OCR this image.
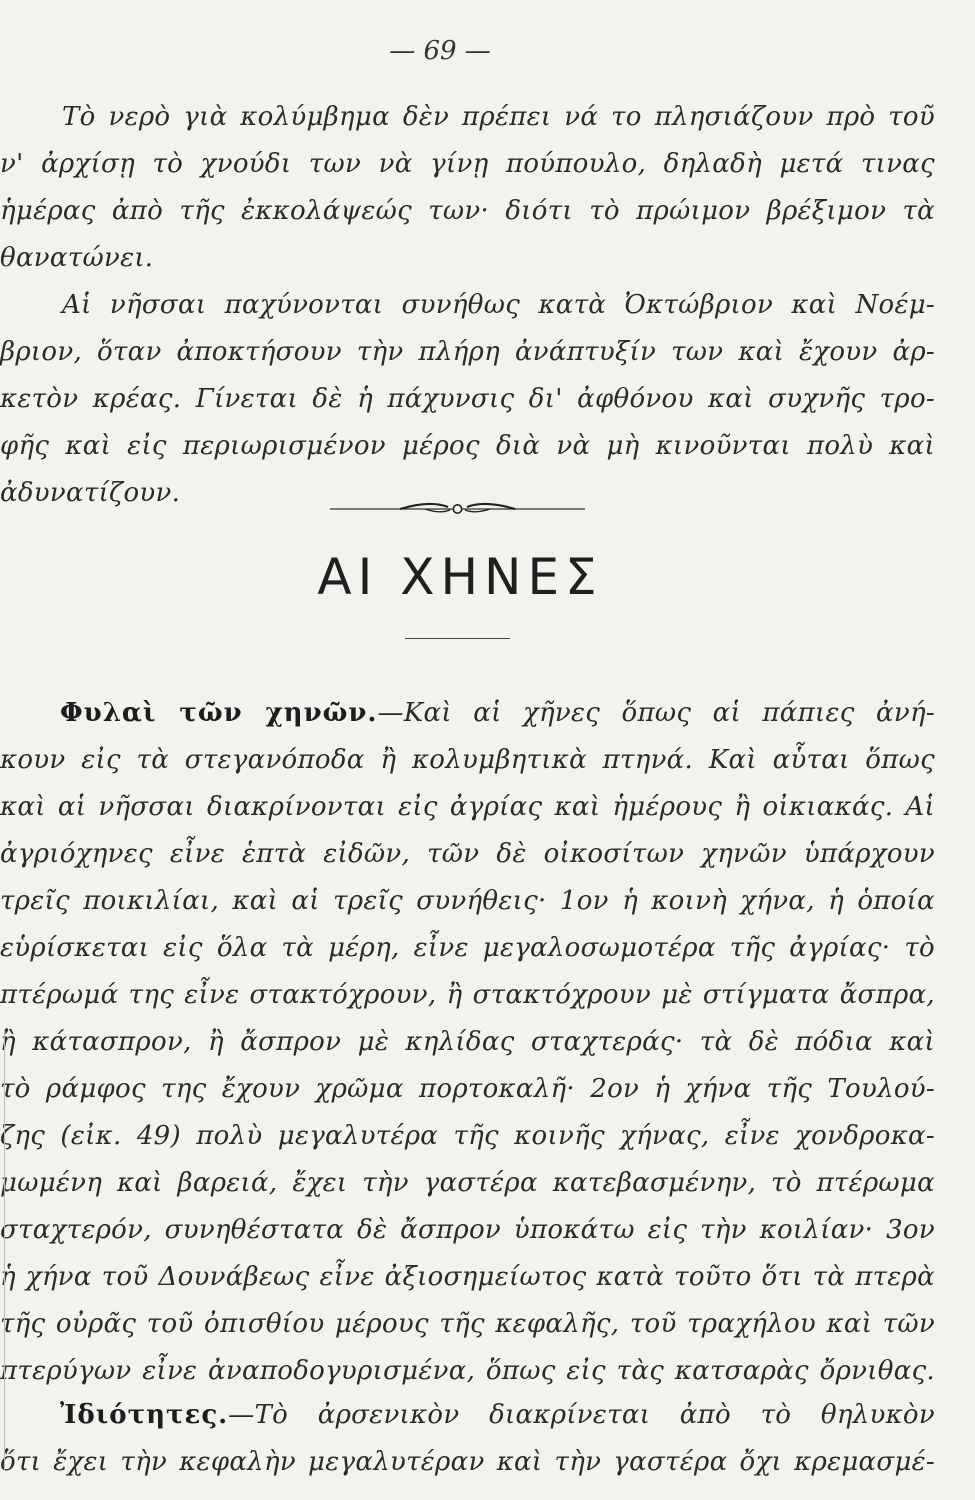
— 69 —
Τὸ νερὸ γιὰ κολύμβημα δὲν πρέπει νά το πλησιάζουν πρὸ τοῦ
ν' ἀρχίσῃ τὸ χνούδι των νὰ γίνῃ πούπουλο, δηλαδὴ μετά τινας
ἡμέρας ἀπὸ τῆς ἐκκολάψεώς των· διότι τὸ πρώιμον βρέξιμον τὰ
θανατώνει.
Αἱ νῆσσαι παχύνονται συνήθως κατὰ Ὀκτώβριον καὶ Νοέμ-
βριον, ὅταν ἀποκτήσουν τὴν πλήρη ἀνάπτυξίν των καὶ ἔχουν ἀρ-
κετὸν κρέας. Γίνεται δὲ ἡ πάχυνσις δι' ἀφθόνου καὶ συχνῆς τρο-
φῆς καὶ εἰς περιωρισμένον μέρος διὰ νὰ μὴ κινοῦνται πολὺ καὶ
ἀδυνατίζουν.
ΑΙ ΧΗΝΕΣ
Φυλαὶ τῶν χηνῶν.—Καὶ αἱ χῆνες ὅπως αἱ πάπιες ἀνή-
κουν εἰς τὰ στεγανόποδα ἢ κολυμβητικὰ πτηνά. Καὶ αὗται ὅπως
καὶ αἱ νῆσσαι διακρίνονται εἰς ἀγρίας καὶ ἡμέρους ἢ οἰκιακάς. Αἱ
ἀγριόχηνες εἶνε ἑπτὰ εἰδῶν, τῶν δὲ οἰκοσίτων χηνῶν ὑπάρχουν
τρεῖς ποικιλίαι, καὶ αἱ τρεῖς συνήθεις· 1ον ἡ κοινὴ χήνα, ἡ ὁποία
εὑρίσκεται εἰς ὅλα τὰ μέρη, εἶνε μεγαλοσωμοτέρα τῆς ἀγρίας· τὸ
πτέρωμά της εἶνε στακτόχρουν, ἢ στακτόχρουν μὲ στίγματα ἄσπρα,
ἢ κάτασπρον, ἢ ἄσπρον μὲ κηλίδας σταχτεράς· τὰ δὲ πόδια καὶ
τὸ ράμφος της ἔχουν χρῶμα πορτοκαλῆ· 2ον ἡ χήνα τῆς Τουλού-
ζης (εἰκ. 49) πολὺ μεγαλυτέρα τῆς κοινῆς χήνας, εἶνε χονδροκα-
μωμένη καὶ βαρειά, ἔχει τὴν γαστέρα κατεβασμένην, τὸ πτέρωμα
σταχτερόν, συνηθέστατα δὲ ἄσπρον ὑποκάτω εἰς τὴν κοιλίαν· 3ον
ἡ χήνα τοῦ Δουνάβεως εἶνε ἀξιοσημείωτος κατὰ τοῦτο ὅτι τὰ πτερὰ
τῆς οὐρᾶς τοῦ ὀπισθίου μέρους τῆς κεφαλῆς, τοῦ τραχήλου καὶ τῶν
πτερύγων εἶνε ἀναποδογυρισμένα, ὅπως εἰς τὰς κατσαρὰς ὄρνιθας.
Ἰδιότητες.—Τὸ ἀρσενικὸν διακρίνεται ἀπὸ τὸ θηλυκὸν
ὅτι ἔχει τὴν κεφαλὴν μεγαλυτέραν καὶ τὴν γαστέρα ὄχι κρεμασμέ-
